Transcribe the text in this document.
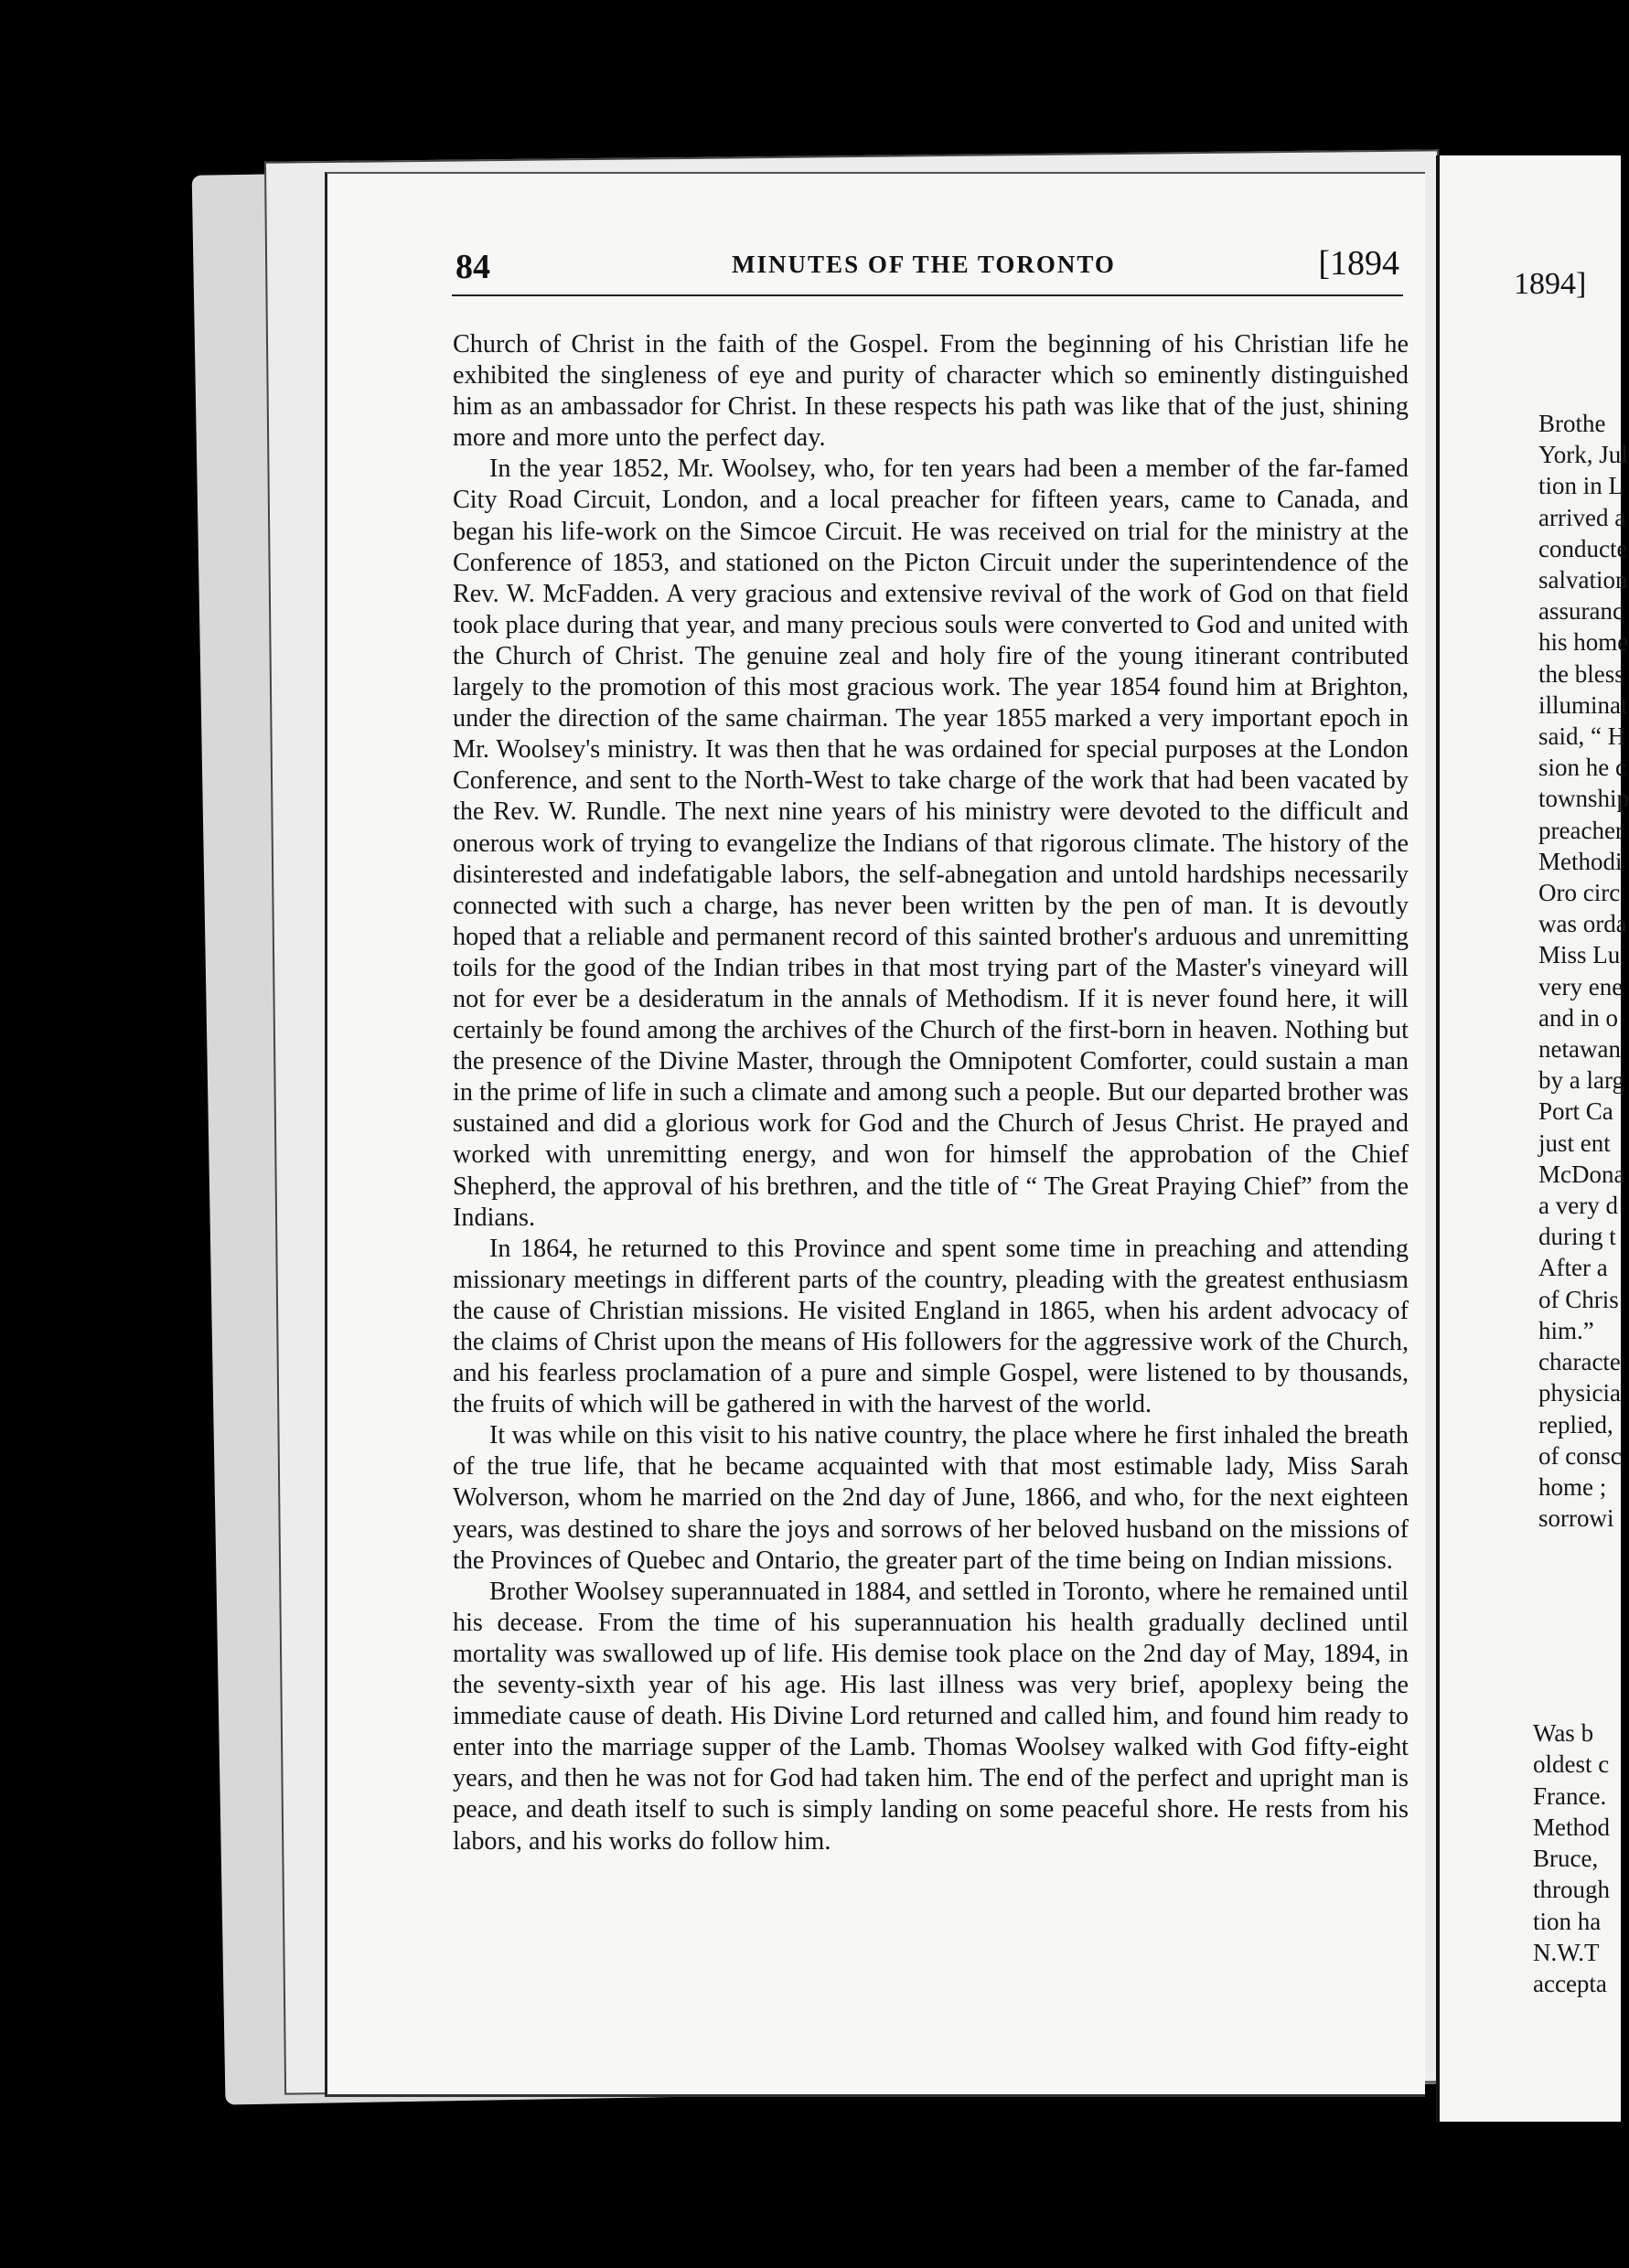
84	MINUTES OF THE TORONTO	[1894

Church of Christ in the faith of the Gospel. From the beginning of his Christian life he exhibited the singleness of eye and purity of character which so eminently distinguished him as an ambassador for Christ. In these respects his path was like that of the just, shining more and more unto the perfect day.

In the year 1852, Mr. Woolsey, who, for ten years had been a member of the far-famed City Road Circuit, London, and a local preacher for fifteen years, came to Canada, and began his life-work on the Simcoe Circuit. He was received on trial for the ministry at the Conference of 1853, and stationed on the Picton Circuit under the superintendence of the Rev. W. McFadden. A very gracious and extensive revival of the work of God on that field took place during that year, and many precious souls were converted to God and united with the Church of Christ. The genuine zeal and holy fire of the young itinerant contributed largely to the promotion of this most gracious work. The year 1854 found him at Brighton, under the direction of the same chairman. The year 1855 marked a very important epoch in Mr. Woolsey's ministry. It was then that he was ordained for special purposes at the London Conference, and sent to the North-West to take charge of the work that had been vacated by the Rev. W. Rundle. The next nine years of his ministry were devoted to the difficult and onerous work of trying to evangelize the Indians of that rigorous climate. The history of the disinterested and indefatigable labors, the self-abnegation and untold hardships necessarily connected with such a charge, has never been written by the pen of man. It is devoutly hoped that a reliable and permanent record of this sainted brother's arduous and unremitting toils for the good of the Indian tribes in that most trying part of the Master's vineyard will not for ever be a desideratum in the annals of Methodism. If it is never found here, it will certainly be found among the archives of the Church of the first-born in heaven. Nothing but the presence of the Divine Master, through the Omnipotent Comforter, could sustain a man in the prime of life in such a climate and among such a people. But our departed brother was sustained and did a glorious work for God and the Church of Jesus Christ. He prayed and worked with unremitting energy, and won for himself the approbation of the Chief Shepherd, the approval of his brethren, and the title of “ The Great Praying Chief” from the Indians.

In 1864, he returned to this Province and spent some time in preaching and attending missionary meetings in different parts of the country, pleading with the greatest enthusiasm the cause of Christian missions. He visited England in 1865, when his ardent advocacy of the claims of Christ upon the means of His followers for the aggressive work of the Church, and his fearless proclamation of a pure and simple Gospel, were listened to by thousands, the fruits of which will be gathered in with the harvest of the world.

It was while on this visit to his native country, the place where he first inhaled the breath of the true life, that he became acquainted with that most estimable lady, Miss Sarah Wolverson, whom he married on the 2nd day of June, 1866, and who, for the next eighteen years, was destined to share the joys and sorrows of her beloved husband on the missions of the Provinces of Quebec and Ontario, the greater part of the time being on Indian missions.

Brother Woolsey superannuated in 1884, and settled in Toronto, where he remained until his decease. From the time of his superannuation his health gradually declined until mortality was swallowed up of life. His demise took place on the 2nd day of May, 1894, in the seventy-sixth year of his age. His last illness was very brief, apoplexy being the immediate cause of death. His Divine Lord returned and called him, and found him ready to enter into the marriage supper of the Lamb. Thomas Woolsey walked with God fifty-eight years, and then he was not for God had taken him. The end of the perfect and upright man is peace, and death itself to such is simply landing on some peaceful shore. He rests from his labors, and his works do follow him.

1894]
Brothe
York, Jul
tion in L
arrived a
conducte
salvation
assuranc
his home
the bless
illuminat
said, “ H
sion he c
township
preacher
Methodi
Oro circ
was orda
Miss Lu
very ene
and in o
netawan
by a larg
Port Ca
just ent
McDona
a very d
during t
After a
of Chris
him.”
characte
physicia
replied,
of consc
home ;
sorrowi
Was b
oldest c
France.
Method
Bruce,
through
tion ha
N.W.T
accepta
